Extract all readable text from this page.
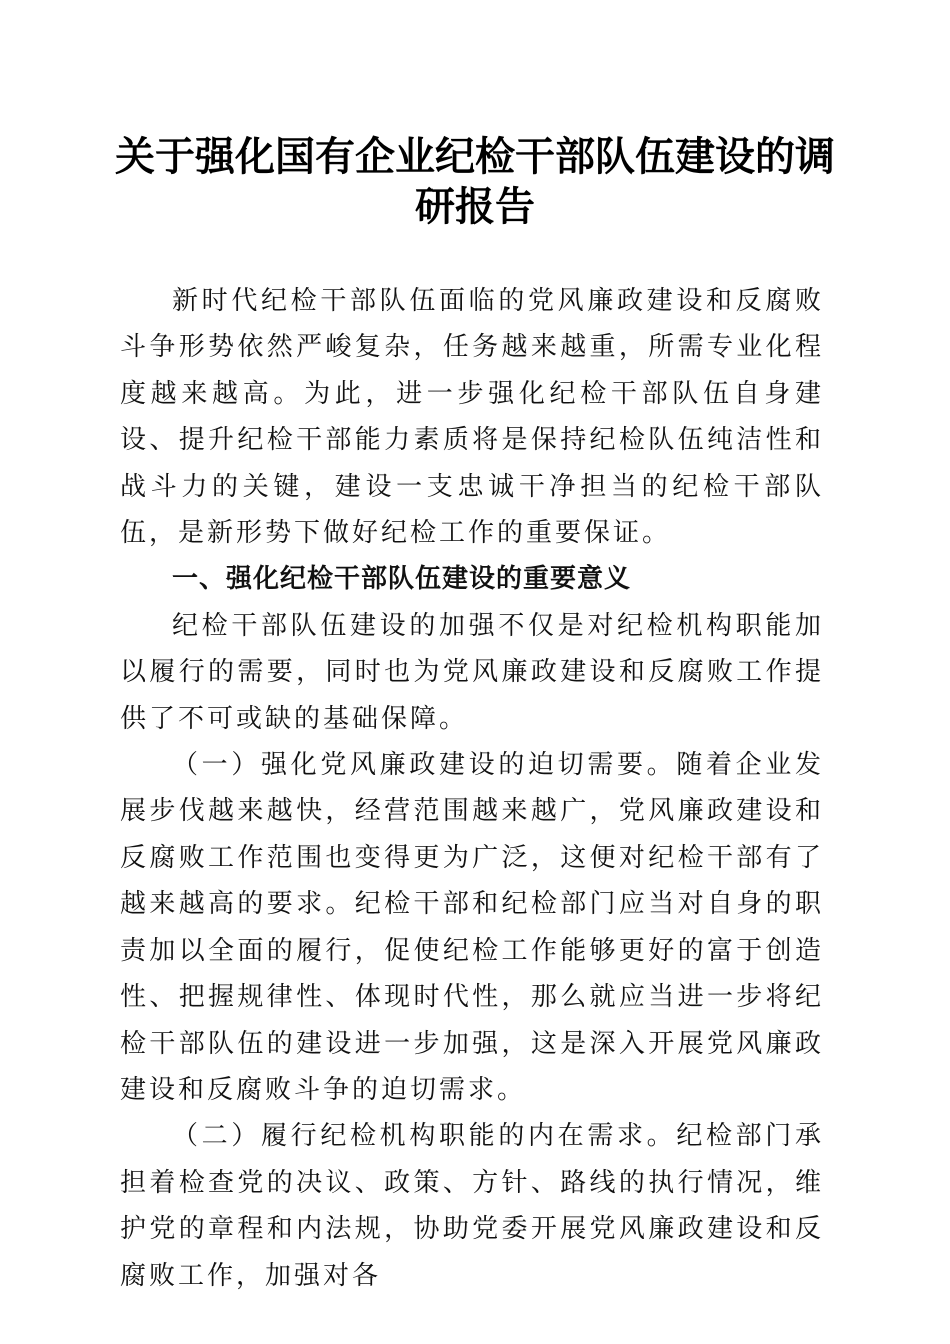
关于强化国有企业纪检干部队伍建设的调研报告

新时代纪检干部队伍面临的党风廉政建设和反腐败斗争形势依然严峻复杂，任务越来越重，所需专业化程度越来越高。为此，进一步强化纪检干部队伍自身建设、提升纪检干部能力素质将是保持纪检队伍纯洁性和战斗力的关键，建设一支忠诚干净担当的纪检干部队伍，是新形势下做好纪检工作的重要保证。

一、强化纪检干部队伍建设的重要意义

纪检干部队伍建设的加强不仅是对纪检机构职能加以履行的需要，同时也为党风廉政建设和反腐败工作提供了不可或缺的基础保障。

（一）强化党风廉政建设的迫切需要。随着企业发展步伐越来越快，经营范围越来越广，党风廉政建设和反腐败工作范围也变得更为广泛，这便对纪检干部有了越来越高的要求。纪检干部和纪检部门应当对自身的职责加以全面的履行，促使纪检工作能够更好的富于创造性、把握规律性、体现时代性，那么就应当进一步将纪检干部队伍的建设进一步加强，这是深入开展党风廉政建设和反腐败斗争的迫切需求。

（二）履行纪检机构职能的内在需求。纪检部门承担着检查党的决议、政策、方针、路线的执行情况，维护党的章程和内法规，协助党委开展党风廉政建设和反腐败工作，加强对各
